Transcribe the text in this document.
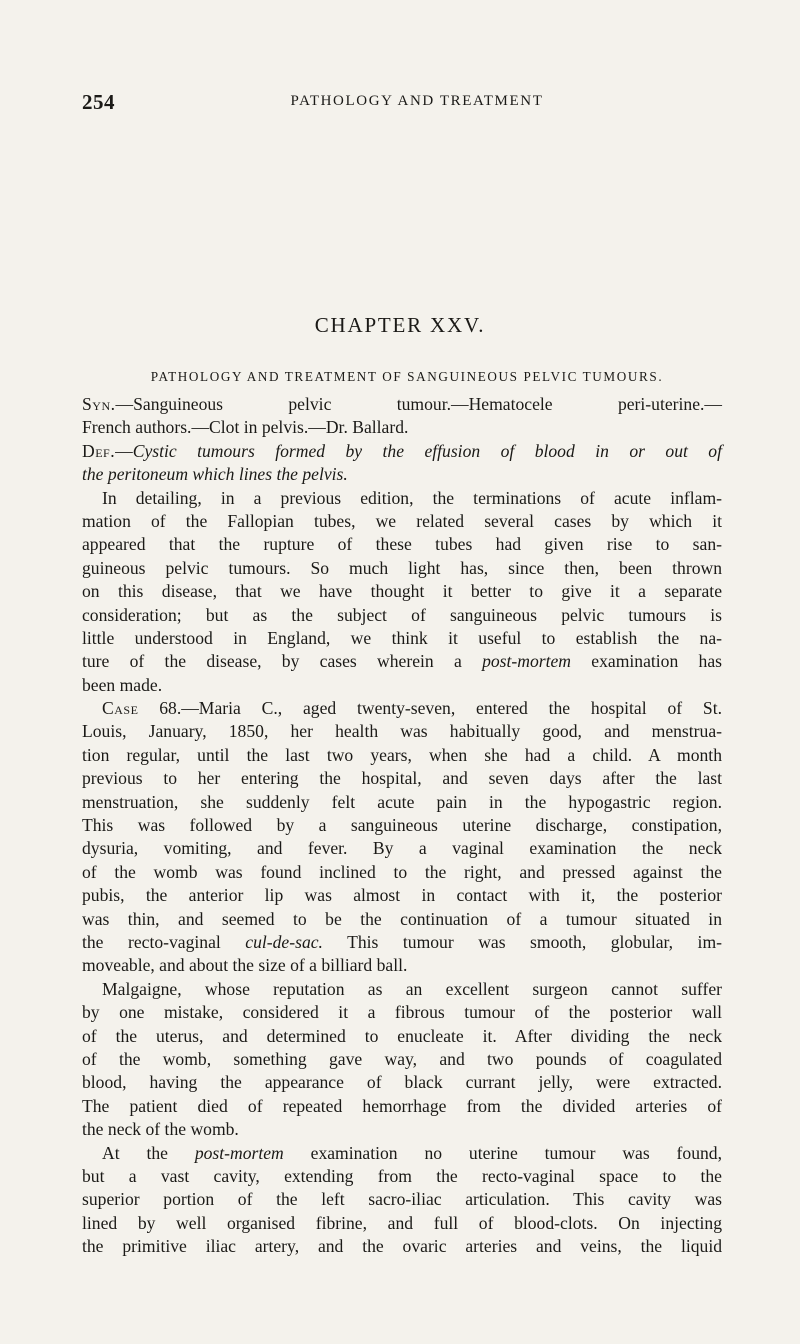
254	PATHOLOGY AND TREATMENT
CHAPTER XXV.
PATHOLOGY AND TREATMENT OF SANGUINEOUS PELVIC TUMOURS.
Syn.—Sanguineous pelvic tumour.—Hematocele peri-uterine.—
French authors.—Clot in pelvis.—Dr. Ballard.
Def.—Cystic tumours formed by the effusion of blood in or out of
the peritoneum which lines the pelvis.
In detailing, in a previous edition, the terminations of acute inflam-
mation of the Fallopian tubes, we related several cases by which it
appeared that the rupture of these tubes had given rise to san-
guineous pelvic tumours. So much light has, since then, been thrown
on this disease, that we have thought it better to give it a separate
consideration; but as the subject of sanguineous pelvic tumours is
little understood in England, we think it useful to establish the na-
ture of the disease, by cases wherein a post-mortem examination has
been made.
Case 68.—Maria C., aged twenty-seven, entered the hospital of St.
Louis, January, 1850, her health was habitually good, and menstrua-
tion regular, until the last two years, when she had a child. A month
previous to her entering the hospital, and seven days after the last
menstruation, she suddenly felt acute pain in the hypogastric region.
This was followed by a sanguineous uterine discharge, constipation,
dysuria, vomiting, and fever. By a vaginal examination the neck
of the womb was found inclined to the right, and pressed against the
pubis, the anterior lip was almost in contact with it, the posterior
was thin, and seemed to be the continuation of a tumour situated in
the recto-vaginal cul-de-sac. This tumour was smooth, globular, im-
moveable, and about the size of a billiard ball.
Malgaigne, whose reputation as an excellent surgeon cannot suffer
by one mistake, considered it a fibrous tumour of the posterior wall
of the uterus, and determined to enucleate it. After dividing the neck
of the womb, something gave way, and two pounds of coagulated
blood, having the appearance of black currant jelly, were extracted.
The patient died of repeated hemorrhage from the divided arteries of
the neck of the womb.
At the post-mortem examination no uterine tumour was found,
but a vast cavity, extending from the recto-vaginal space to the
superior portion of the left sacro-iliac articulation. This cavity was
lined by well organised fibrine, and full of blood-clots. On injecting
the primitive iliac artery, and the ovaric arteries and veins, the liquid
